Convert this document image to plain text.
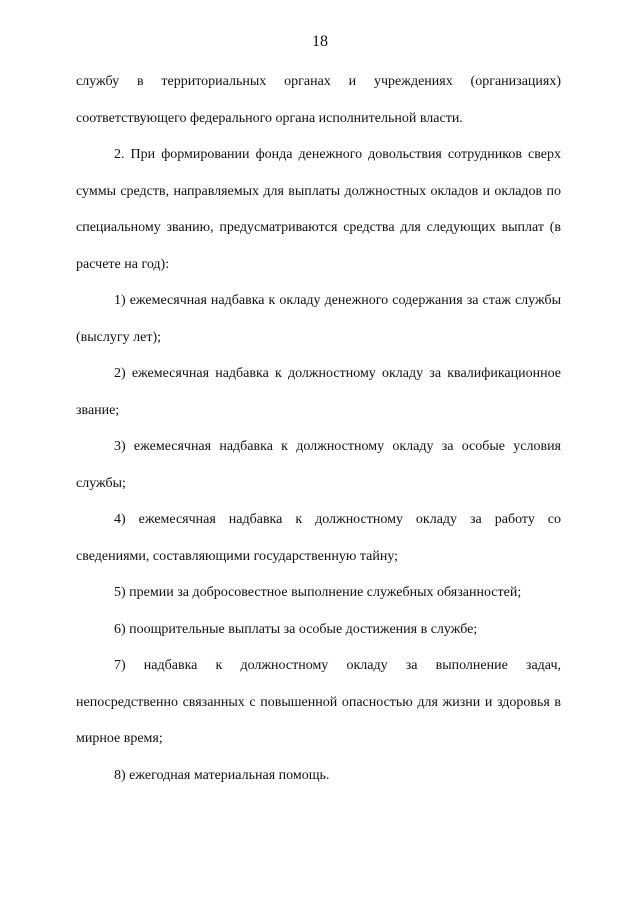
18

службу в территориальных органах и учреждениях (организациях) соответствующего федерального органа исполнительной власти.

2. При формировании фонда денежного довольствия сотрудников сверх суммы средств, направляемых для выплаты должностных окладов и окладов по специальному званию, предусматриваются средства для следующих выплат (в расчете на год):

1) ежемесячная надбавка к окладу денежного содержания за стаж службы (выслугу лет);

2) ежемесячная надбавка к должностному окладу за квалификационное звание;

3) ежемесячная надбавка к должностному окладу за особые условия службы;

4) ежемесячная надбавка к должностному окладу за работу со сведениями, составляющими государственную тайну;

5) премии за добросовестное выполнение служебных обязанностей;

6) поощрительные выплаты за особые достижения в службе;

7) надбавка к должностному окладу за выполнение задач, непосредственно связанных с повышенной опасностью для жизни и здоровья в мирное время;

8) ежегодная материальная помощь.
